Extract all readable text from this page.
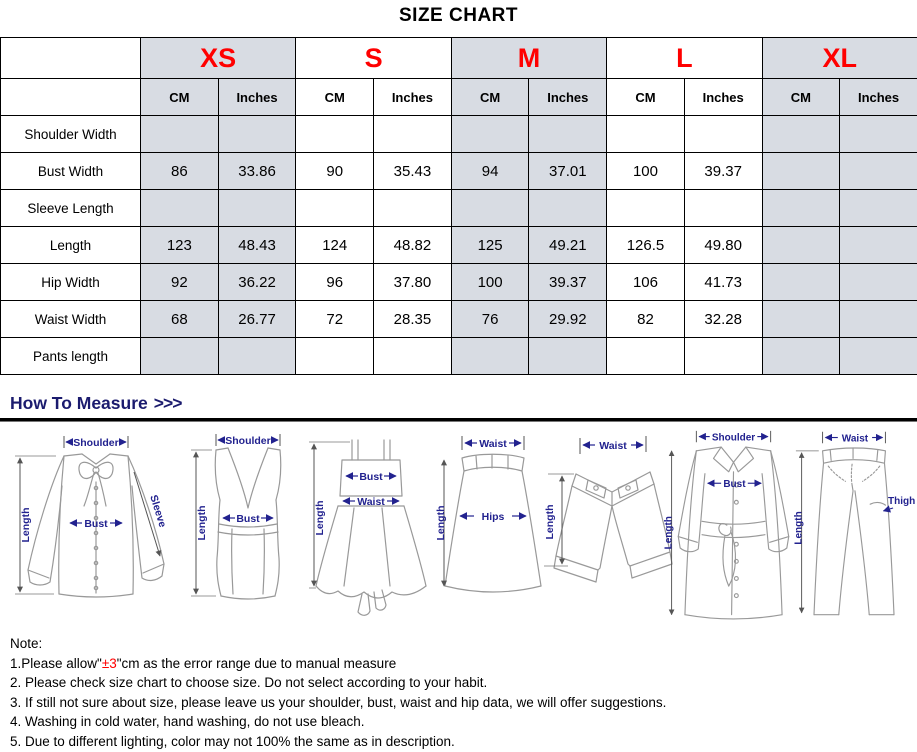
SIZE CHART
	XS		S		M		L		XL	
	CM	Inches	CM	Inches	CM	Inches	CM	Inches	CM	Inches
Shoulder Width										
Bust Width	86	33.86	90	35.43	94	37.01	100	39.37		
Sleeve Length										
Length	123	48.43	124	48.82	125	49.21	126.5	49.80		
Hip Width	92	36.22	96	37.80	100	39.37	106	41.73		
Waist Width	68	26.77	72	28.35	76	29.92	82	32.28		
Pants length										
How To Measure >>>
Shoulder
Bust
Length	Sleeve
Shoulder
Bust
Length
Bust
Waist
Length
Waist
Hips
Length
Waist
Length
Shoulder
Bust
Length
Waist
Thigh
Length
Note:
1.Please allow"±3"cm as the error range due to manual measure
2. Please check size chart to choose size. Do not select according to your habit.
3. If still not sure about size, please leave us your shoulder, bust, waist and hip data, we will offer suggestions.
4. Washing in cold water, hand washing, do not use bleach.
5. Due to different lighting, color may not 100% the same as in description.
